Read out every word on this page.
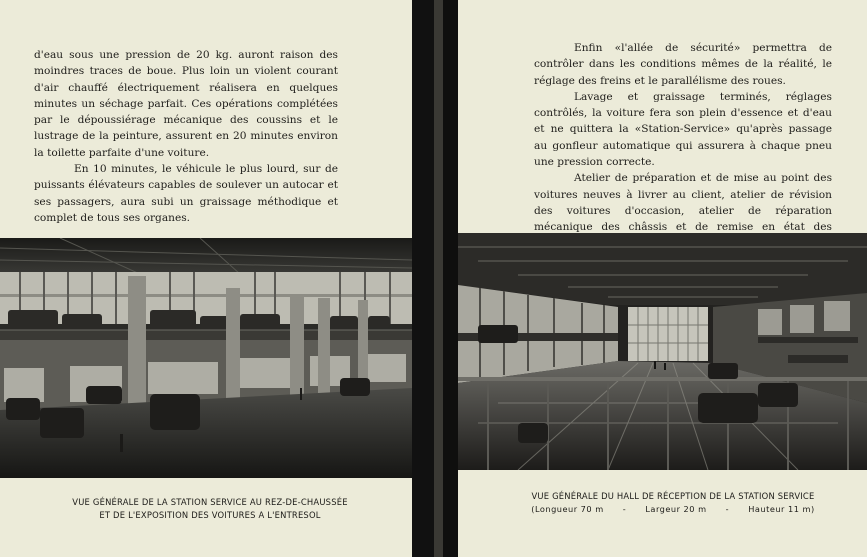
d'eau sous une pression de 20 kg. auront raison des moindres traces de boue. Plus loin un violent courant d'air chauffé électriquement réalisera en quelques minutes un séchage parfait. Ces opérations complétées par le dépoussiérage mécanique des coussins et le lustrage de la peinture, assurent en 20 minutes environ la toilette parfaite d'une voiture.

En 10 minutes, le véhicule le plus lourd, sur de puissants élévateurs capables de soulever un autocar et ses passagers, aura subi un graissage méthodique et complet de tous ses organes.

VUE GÉNÉRALE DE LA STATION SERVICE AU REZ-DE-CHAUSSÉE
ET DE L'EXPOSITION DES VOITURES A L'ENTRESOL

Enfin «l'allée de sécurité» permettra de contrôler dans les conditions mêmes de la réalité, le réglage des freins et le parallélisme des roues.

Lavage et graissage terminés, réglages contrôlés, la voiture fera son plein d'essence et d'eau et ne quittera la «Station-Service» qu'après passage au gonfleur automatique qui assurera à chaque pneu une pression correcte.

Atelier de préparation et de mise au point des voitures neuves à livrer au client, atelier de révision des voitures d'occasion, atelier de réparation mécanique des châssis et de remise en état des

VUE GÉNÉRALE DU HALL DE RÉCEPTION DE LA STATION SERVICE
(Longueur 70 m - Largeur 20 m - Hauteur 11 m)
